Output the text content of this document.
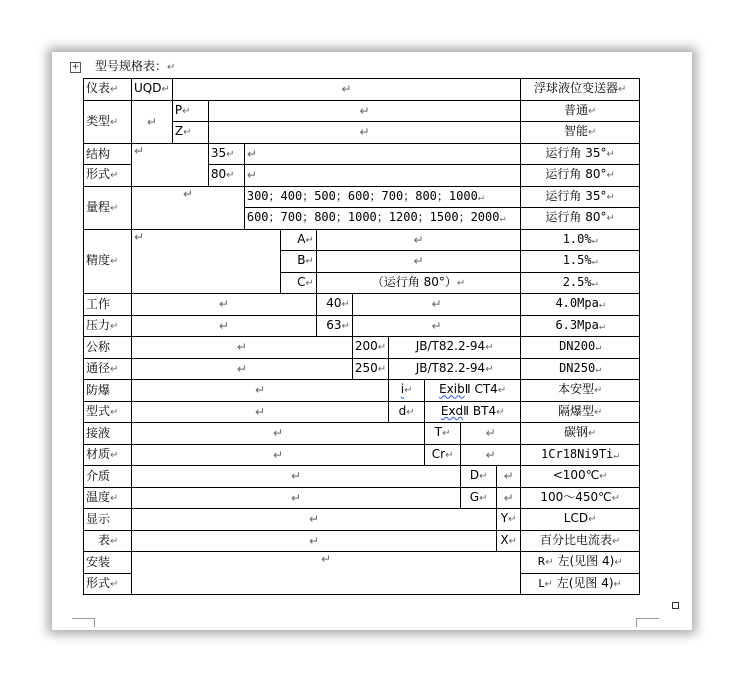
+ 型号规格表：↵
仪表↵	UQD↵	↵										浮球液位变送器↵
类型↵	↵	P↵	↵									普通↵
		Z↵	↵									智能↵
结构	↵		35↵	↵								运行角 35°↵
形式↵			80↵	↵								运行角 80°↵
量程↵	↵			300；400；500；600；700；800；1000↵								运行角 35°↵
				600；700；800；1000；1200；1500；2000↵								运行角 80°↵
精度↵	↵				A↵	↵						1.0%↵
					B↵	↵						1.5%↵
					C↵	（运行角 80°）↵						2.5%↵
工作	↵					40↵	↵					4.0Mpa↵
压力↵	↵					63↵	↵					6.3Mpa↵
公称	↵						200↵	JB/T82.2-94↵				DN200↵
通径↵	↵						250↵	JB/T82.2-94↵				DN250↵
防爆	↵							i↵	ExibⅡ CT4↵			本安型↵
型式↵	↵							d↵	ExdⅡ BT4↵			隔爆型↵
接液	↵								T↵	↵		碳钢↵
材质↵	↵								Cr↵	↵		1Cr18Ni9Ti↵
介质	↵									D↵	↵	<100℃↵
温度↵	↵									G↵	↵	100～450℃↵
显示	↵										Y↵	LCD↵
表↵	↵										X↵	百分比电流表↵
安装	↵											R↵ 左(见图 4)↵
形式↵												L↵ 左(见图 4)↵
